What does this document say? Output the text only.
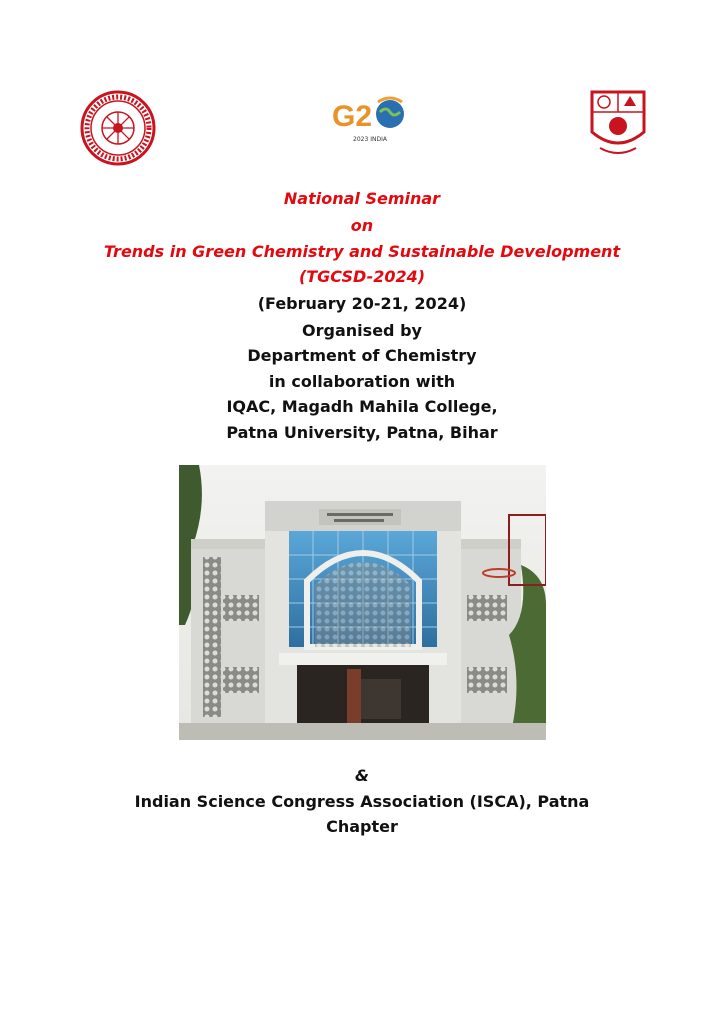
G2
2023 INDIA
National Seminar
on
Trends in Green Chemistry and Sustainable Development
(TGCSD-2024)
(February 20-21, 2024)
Organised by
Department of Chemistry
in collaboration with
IQAC, Magadh Mahila College,
Patna University, Patna, Bihar
&
Indian Science Congress Association (ISCA), Patna
Chapter
